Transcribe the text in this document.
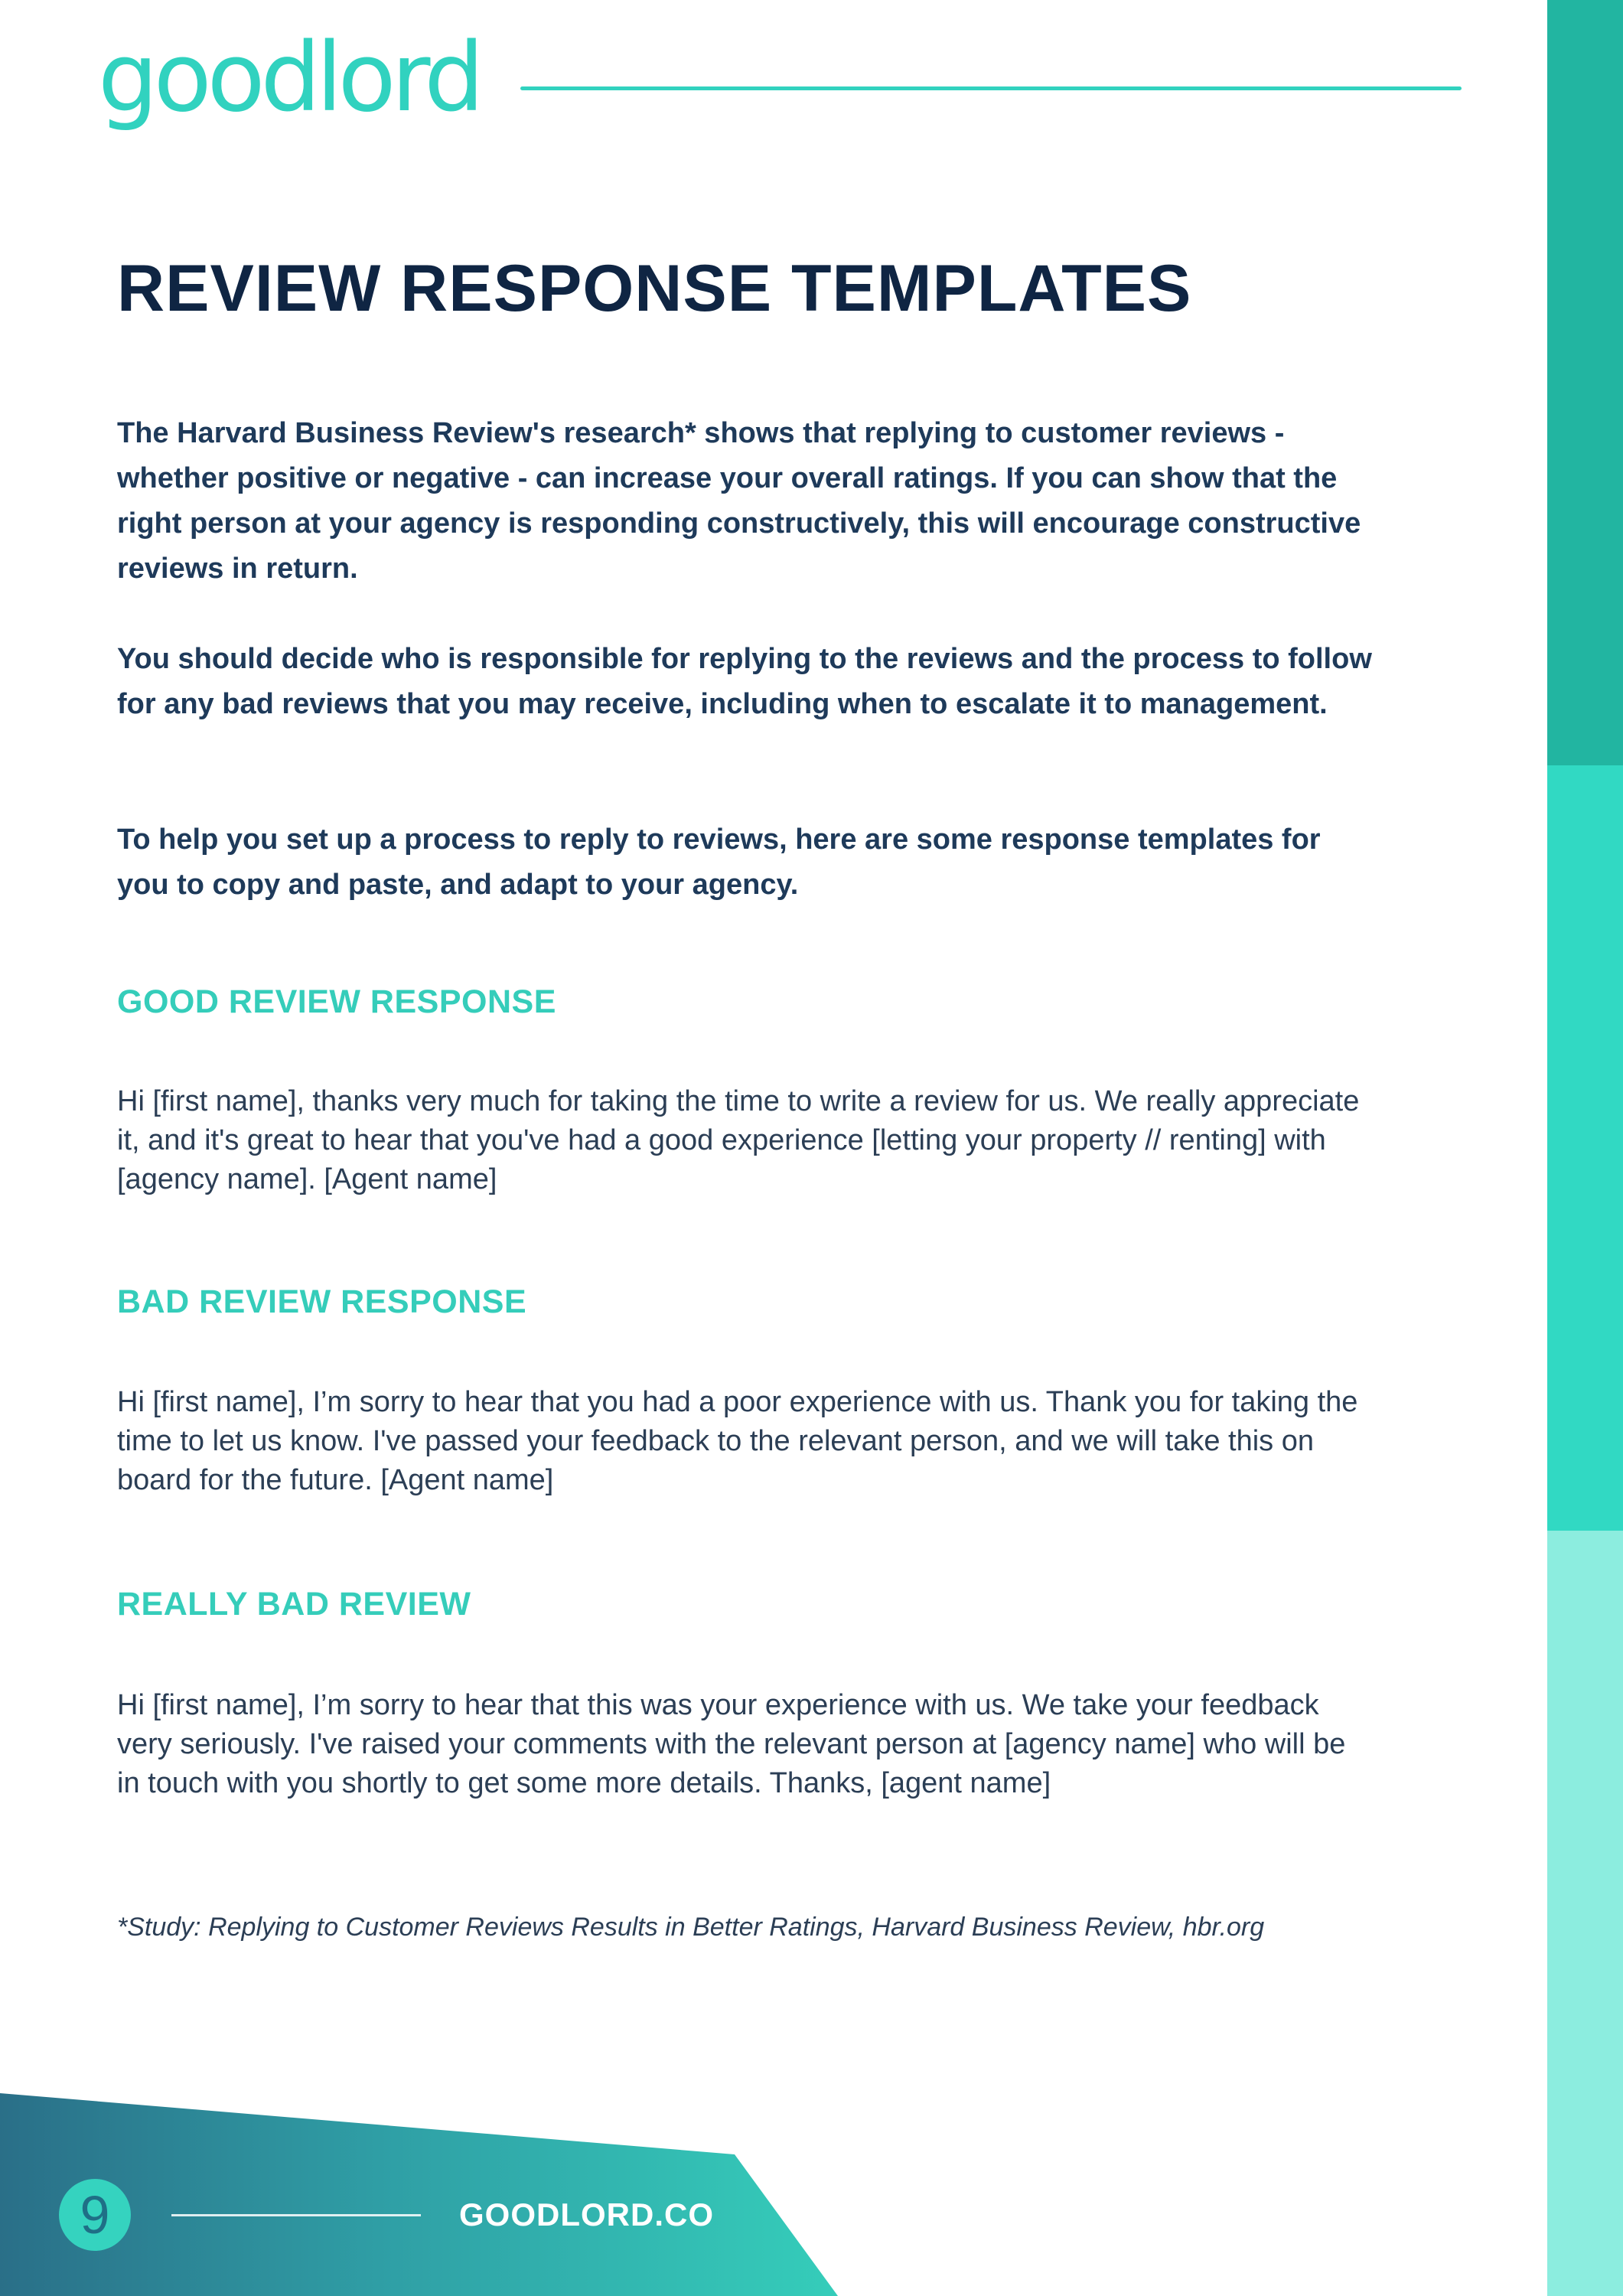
goodlord
REVIEW RESPONSE TEMPLATES

The Harvard Business Review's research* shows that replying to customer reviews - whether positive or negative - can increase your overall ratings. If you can show that the right person at your agency is responding constructively, this will encourage constructive reviews in return.

You should decide who is responsible for replying to the reviews and the process to follow for any bad reviews that you may receive, including when to escalate it to management.

To help you set up a process to reply to reviews, here are some response templates for you to copy and paste, and adapt to your agency.

GOOD REVIEW RESPONSE

Hi [first name], thanks very much for taking the time to write a review for us. We really appreciate it, and it's great to hear that you've had a good experience [letting your property // renting] with [agency name]. [Agent name]

BAD REVIEW RESPONSE

Hi [first name], I’m sorry to hear that you had a poor experience with us. Thank you for taking the time to let us know. I've passed your feedback to the relevant person, and we will take this on board for the future. [Agent name]

REALLY BAD REVIEW

Hi [first name], I’m sorry to hear that this was your experience with us. We take your feedback very seriously. I've raised your comments with the relevant person at [agency name] who will be in touch with you shortly to get some more details. Thanks, [agent name]

*Study: Replying to Customer Reviews Results in Better Ratings, Harvard Business Review, hbr.org

9	GOODLORD.CO
